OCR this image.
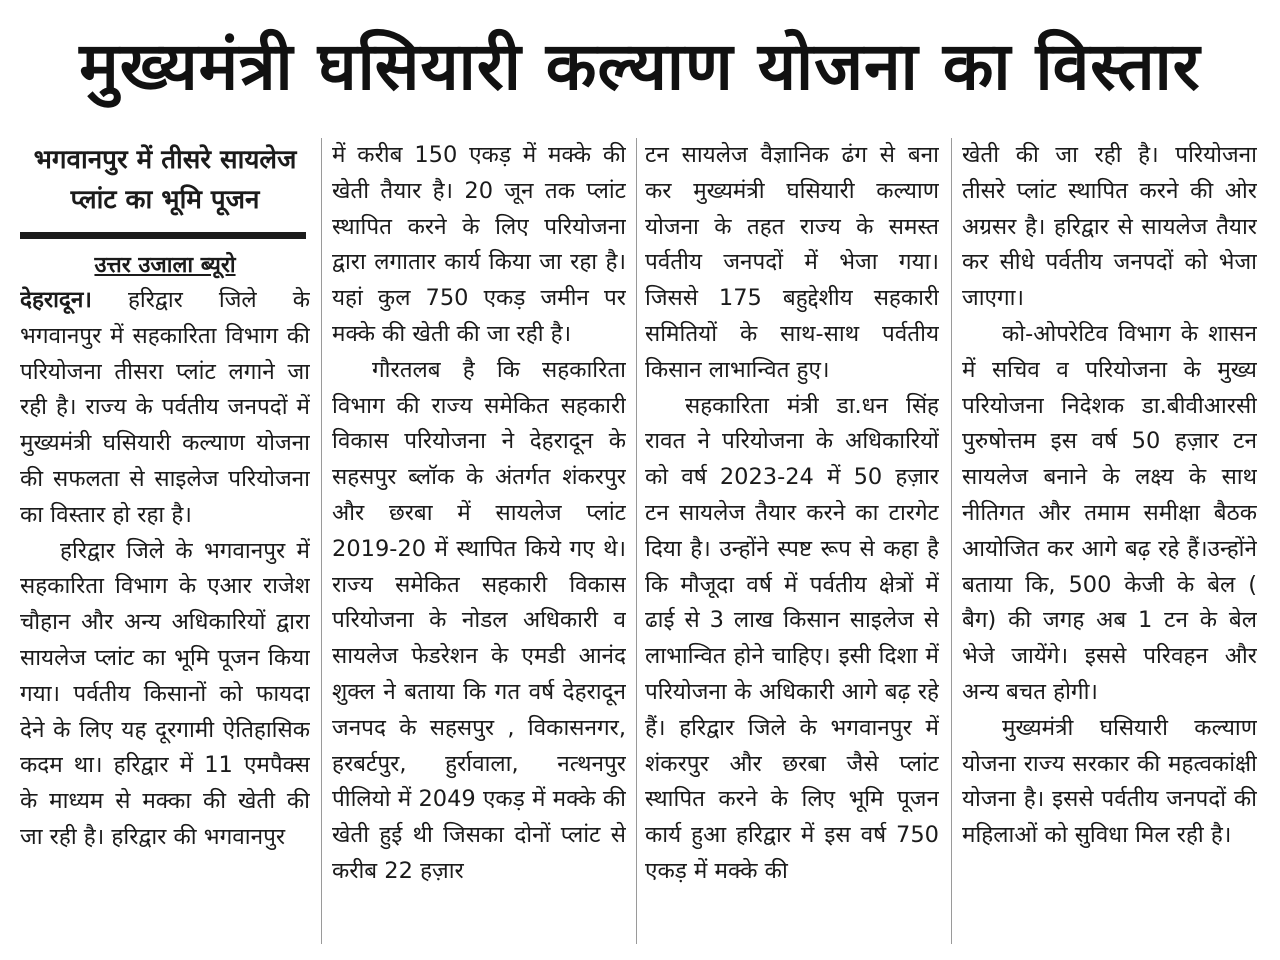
मुख्यमंत्री घसियारी कल्याण योजना का विस्तार
भगवानपुर में तीसरे सायलेज प्लांट का भूमि पूजन
उत्तर उजाला ब्यूरो

देहरादून। हरिद्वार जिले के भगवानपुर में सहकारिता विभाग की परियोजना तीसरा प्लांट लगाने जा रही है। राज्य के पर्वतीय जनपदों में मुख्यमंत्री घसियारी कल्याण योजना की सफलता से साइलेज परियोजना का विस्तार हो रहा है।

हरिद्वार जिले के भगवानपुर में सहकारिता विभाग के एआर राजेश चौहान और अन्य अधिकारियों द्वारा सायलेज प्लांट का भूमि पूजन किया गया। पर्वतीय किसानों को फायदा देने के लिए यह दूरगामी ऐतिहासिक कदम था। हरिद्वार में 11 एमपैक्स के माध्यम से मक्का की खेती की जा रही है। हरिद्वार की भगवानपुर

में करीब 150 एकड़ में मक्के की खेती तैयार है। 20 जून तक प्लांट स्थापित करने के लिए परियोजना द्वारा लगातार कार्य किया जा रहा है। यहां कुल 750 एकड़ जमीन पर मक्के की खेती की जा रही है।

गौरतलब है कि सहकारिता विभाग की राज्य समेकित सहकारी विकास परियोजना ने देहरादून के सहसपुर ब्लॉक के अंतर्गत शंकरपुर और छरबा में सायलेज प्लांट 2019-20 में स्थापित किये गए थे। राज्य समेकित सहकारी विकास परियोजना के नोडल अधिकारी व सायलेज फेडरेशन के एमडी आनंद शुक्ल ने बताया कि गत वर्ष देहरादून जनपद के सहसपुर , विकासनगर, हरबर्टपुर, हुर्रावाला, नत्थनपुर पीलियो में 2049 एकड़ में मक्के की खेती हुई थी जिसका दोनों प्लांट से करीब 22 हज़ार

टन सायलेज वैज्ञानिक ढंग से बना कर मुख्यमंत्री घसियारी कल्याण योजना के तहत राज्य के समस्त पर्वतीय जनपदों में भेजा गया। जिससे 175 बहुद्देशीय सहकारी समितियों के साथ-साथ पर्वतीय किसान लाभान्वित हुए।

सहकारिता मंत्री डा.धन सिंह रावत ने परियोजना के अधिकारियों को वर्ष 2023-24 में 50 हज़ार टन सायलेज तैयार करने का टारगेट दिया है। उन्होंने स्पष्ट रूप से कहा है कि मौजूदा वर्ष में पर्वतीय क्षेत्रों में ढाई से 3 लाख किसान साइलेज से लाभान्वित होने चाहिए। इसी दिशा में परियोजना के अधिकारी आगे बढ़ रहे हैं। हरिद्वार जिले के भगवानपुर में शंकरपुर और छरबा जैसे प्लांट स्थापित करने के लिए भूमि पूजन कार्य हुआ हरिद्वार में इस वर्ष 750 एकड़ में मक्के की

खेती की जा रही है। परियोजना तीसरे प्लांट स्थापित करने की ओर अग्रसर है। हरिद्वार से सायलेज तैयार कर सीधे पर्वतीय जनपदों को भेजा जाएगा।

को-ओपरेटिव विभाग के शासन में सचिव व परियोजना के मुख्य परियोजना निदेशक डा.बीवीआरसी पुरुषोत्तम इस वर्ष 50 हज़ार टन सायलेज बनाने के लक्ष्य के साथ नीतिगत और तमाम समीक्षा बैठक आयोजित कर आगे बढ़ रहे हैं।उन्होंने बताया कि, 500 केजी के बेल ( बैग) की जगह अब 1 टन के बेल भेजे जायेंगे। इससे परिवहन और अन्य बचत होगी।

मुख्यमंत्री घसियारी कल्याण योजना राज्य सरकार की महत्वकांक्षी योजना है। इससे पर्वतीय जनपदों की महिलाओं को सुविधा मिल रही है।
